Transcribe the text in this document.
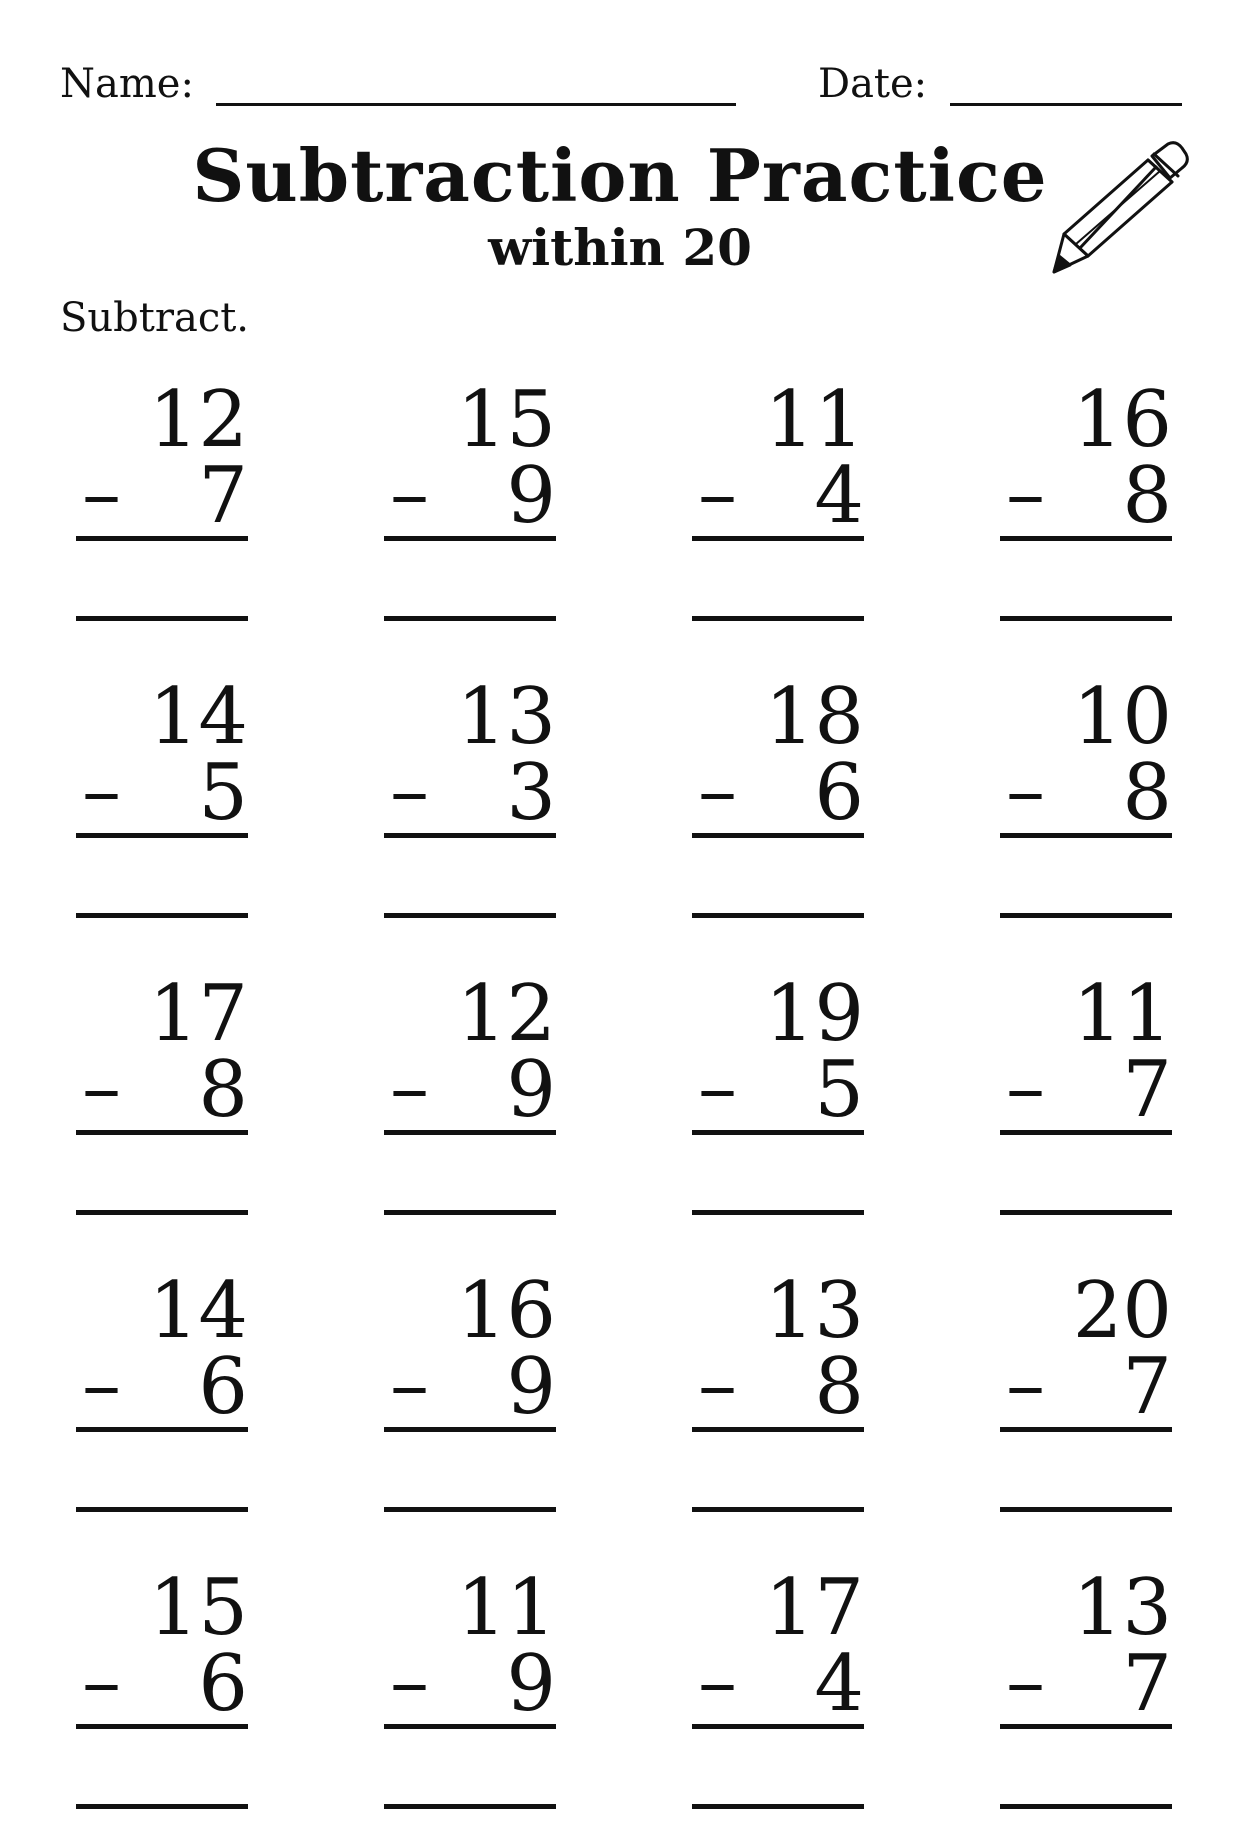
Name:	Date:
Subtraction Practice
within 20
Subtract.
12
– 7
15
– 9
11
– 4
16
– 8
14
– 5
13
– 3
18
– 6
10
– 8
17
– 8
12
– 9
19
– 5
11
– 7
14
– 6
16
– 9
13
– 8
20
– 7
15
– 6
11
– 9
17
– 4
13
– 7
